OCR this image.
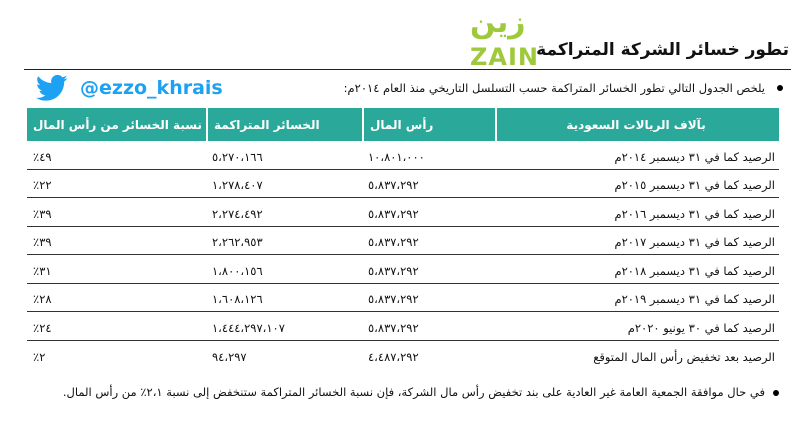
زين
ZAIN
تطور خسائر الشركة المتراكمة
@ezzo_khrais	يلخص الجدول التالي تطور الخسائر المتراكمة حسب التسلسل التاريخي منذ العام ٢٠١٤م:
بآلاف الريالات السعودية
رأس المال
الخسائر المتراكمة
نسبة الخسائر من رأس المال
الرصيد كما في ٣١ ديسمبر ٢٠١٤م
١٠،٨٠١،٠٠٠
٥،٢٧٠،١٦٦
٤٩٪
الرصيد كما في ٣١ ديسمبر ٢٠١٥م
٥،٨٣٧،٢٩٢
١،٢٧٨،٤٠٧
٢٢٪
الرصيد كما في ٣١ ديسمبر ٢٠١٦م
٥،٨٣٧،٢٩٢
٢،٢٧٤،٤٩٢
٣٩٪
الرصيد كما في ٣١ ديسمبر ٢٠١٧م
٥،٨٣٧،٢٩٢
٢،٢٦٢،٩٥٣
٣٩٪
الرصيد كما في ٣١ ديسمبر ٢٠١٨م
٥،٨٣٧،٢٩٢
١،٨٠٠،١٥٦
٣١٪
الرصيد كما في ٣١ ديسمبر ٢٠١٩م
٥،٨٣٧،٢٩٢
١،٦٠٨،١٢٦
٢٨٪
الرصيد كما في ٣٠ يونيو ٢٠٢٠م
٥،٨٣٧،٢٩٢
١،٤٤٤،٢٩٧،١٠٧
٢٤٪
الرصيد بعد تخفيض رأس المال المتوقع
٤،٤٨٧،٢٩٢
٩٤،٢٩٧
٢٪
في حال موافقة الجمعية العامة غير العادية على بند تخفيض رأس مال الشركة، فإن نسبة الخسائر المتراكمة ستنخفض إلى نسبة ٢،١٪ من رأس المال.
